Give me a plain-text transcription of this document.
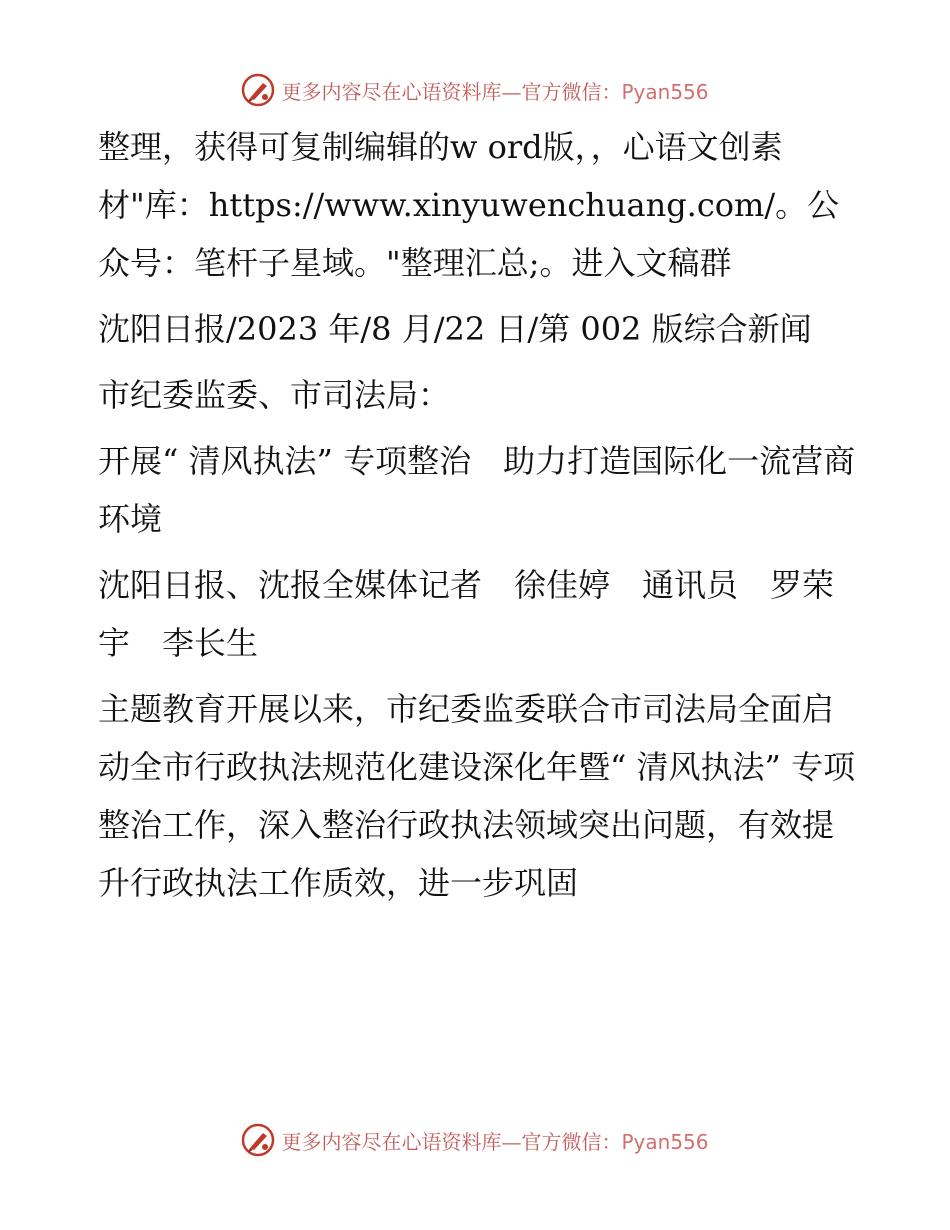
更多内容尽在心语资料库—官方微信：Pyan556

整理，获得可复制编辑的w ord版，，心语文创素材"库：https://www.xinyuwenchuang.com/。公众号：笔杆子星域。"整理汇总;。进入文稿群

沈阳日报/2023 年/8 月/22 日/第 002 版综合新闻

市纪委监委、市司法局：

开展“ 清风执法” 专项整治　助力打造国际化一流营商环境

沈阳日报、沈报全媒体记者　徐佳婷　通讯员　罗荣宇　李长生

主题教育开展以来，市纪委监委联合市司法局全面启动全市行政执法规范化建设深化年暨“ 清风执法” 专项整治工作，深入整治行政执法领域突出问题，有效提升行政执法工作质效，进一步巩固

更多内容尽在心语资料库—官方微信：Pyan556
